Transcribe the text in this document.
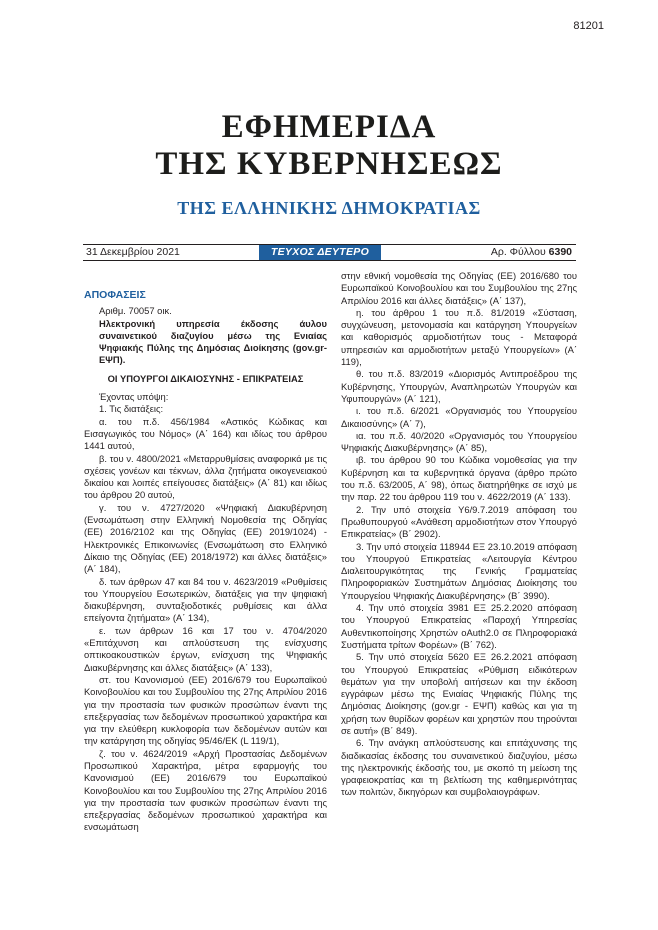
81201
ΕΦΗΜΕΡΙΔΑ
ΤΗΣ ΚΥΒΕΡΝΗΣΕΩΣ
ΤΗΣ ΕΛΛΗΝΙΚΗΣ ΔΗΜΟΚΡΑΤΙΑΣ
31 Δεκεμβρίου 2021	ΤΕΥΧΟΣ ΔΕΥΤΕΡΟ	Αρ. Φύλλου 6390

ΑΠΟΦΑΣΕΙΣ

Αριθμ. 70057 οικ.

Ηλεκτρονική υπηρεσία έκδοσης άυλου συναινετικού διαζυγίου μέσω της Ενιαίας Ψηφιακής Πύλης της Δημόσιας Διοίκησης (gov.gr- ΕΨΠ).

ΟΙ ΥΠΟΥΡΓΟΙ ΔΙΚΑΙΟΣΥΝΗΣ - ΕΠΙΚΡΑΤΕΙΑΣ

Έχοντας υπόψη:

1. Τις διατάξεις:

α. του π.δ. 456/1984 «Αστικός Κώδικας και Εισαγωγικός του Νόμος» (Α΄ 164) και ιδίως του άρθρου 1441 αυτού,

β. του ν. 4800/2021 «Μεταρρυθμίσεις αναφορικά με τις σχέσεις γονέων και τέκνων, άλλα ζητήματα οικογενειακού δικαίου και λοιπές επείγουσες διατάξεις» (Α΄ 81) και ιδίως του άρθρου 20 αυτού,

γ. του ν. 4727/2020 «Ψηφιακή Διακυβέρνηση (Ενσωμάτωση στην Ελληνική Νομοθεσία της Οδηγίας (ΕΕ) 2016/2102 και της Οδηγίας (ΕΕ) 2019/1024) - Ηλεκτρονικές Επικοινωνίες (Ενσωμάτωση στο Ελληνικό Δίκαιο της Οδηγίας (ΕΕ) 2018/1972) και άλλες διατάξεις» (Α΄ 184),

δ. των άρθρων 47 και 84 του ν. 4623/2019 «Ρυθμίσεις του Υπουργείου Εσωτερικών, διατάξεις για την ψηφιακή διακυβέρνηση, συνταξιοδοτικές ρυθμίσεις και άλλα επείγοντα ζητήματα» (Α΄ 134),

ε. των άρθρων 16 και 17 του ν. 4704/2020 «Επιτάχυνση και απλούστευση της ενίσχυσης οπτικοακουστικών έργων, ενίσχυση της Ψηφιακής Διακυβέρνησης και άλλες διατάξεις» (Α΄ 133),

στ. του Κανονισμού (ΕΕ) 2016/679 του Ευρωπαϊκού Κοινοβουλίου και του Συμβουλίου της 27ης Απριλίου 2016 για την προστασία των φυσικών προσώπων έναντι της επεξεργασίας των δεδομένων προσωπικού χαρακτήρα και για την ελεύθερη κυκλοφορία των δεδομένων αυτών και την κατάργηση της οδηγίας 95/46/ΕΚ (L 119/1),

ζ. του ν. 4624/2019 «Αρχή Προστασίας Δεδομένων Προσωπικού Χαρακτήρα, μέτρα εφαρμογής του Κανονισμού (ΕΕ) 2016/679 του Ευρωπαϊκού Κοινοβουλίου και του Συμβουλίου της 27ης Απριλίου 2016 για την προστασία των φυσικών προσώπων έναντι της επεξεργασίας δεδομένων προσωπικού χαρακτήρα και ενσωμάτωση

στην εθνική νομοθεσία της Οδηγίας (ΕΕ) 2016/680 του Ευρωπαϊκού Κοινοβουλίου και του Συμβουλίου της 27ης Απριλίου 2016 και άλλες διατάξεις» (Α΄ 137),

η. του άρθρου 1 του π.δ. 81/2019 «Σύσταση, συγχώνευση, μετονομασία και κατάργηση Υπουργείων και καθορισμός αρμοδιοτήτων τους - Μεταφορά υπηρεσιών και αρμοδιοτήτων μεταξύ Υπουργείων» (Α΄ 119),

θ. του π.δ. 83/2019 «Διορισμός Αντιπροέδρου της Κυβέρνησης, Υπουργών, Αναπληρωτών Υπουργών και Υφυπουργών» (Α΄ 121),

ι. του π.δ. 6/2021 «Οργανισμός του Υπουργείου Δικαιοσύνης» (Α΄ 7),

ια. του π.δ. 40/2020 «Οργανισμός του Υπουργείου Ψηφιακής Διακυβέρνησης» (Α΄ 85),

ιβ. του άρθρου 90 του Κώδικα νομοθεσίας για την Κυβέρνηση και τα κυβερνητικά όργανα (άρθρο πρώτο του π.δ. 63/2005, Α΄ 98), όπως διατηρήθηκε σε ισχύ με την παρ. 22 του άρθρου 119 του ν. 4622/2019 (Α΄ 133).

2. Την υπό στοιχεία Υ6/9.7.2019 απόφαση του Πρωθυπουργού «Ανάθεση αρμοδιοτήτων στον Υπουργό Επικρατείας» (Β΄ 2902).

3. Την υπό στοιχεία 118944 ΕΞ 23.10.2019 απόφαση του Υπουργού Επικρατείας «Λειτουργία Κέντρου Διαλειτουργικότητας της Γενικής Γραμματείας Πληροφοριακών Συστημάτων Δημόσιας Διοίκησης του Υπουργείου Ψηφιακής Διακυβέρνησης» (Β΄ 3990).

4. Την υπό στοιχεία 3981 ΕΞ 25.2.2020 απόφαση του Υπουργού Επικρατείας «Παροχή Υπηρεσίας Αυθεντικοποίησης Χρηστών οAuth2.0 σε Πληροφοριακά Συστήματα τρίτων Φορέων» (Β΄ 762).

5. Την υπό στοιχεία 5620 ΕΞ 26.2.2021 απόφαση του Υπουργού Επικρατείας «Ρύθμιση ειδικότερων θεμάτων για την υποβολή αιτήσεων και την έκδοση εγγράφων μέσω της Ενιαίας Ψηφιακής Πύλης της Δημόσιας Διοίκησης (gov.gr - ΕΨΠ) καθώς και για τη χρήση των θυρίδων φορέων και χρηστών που τηρούνται σε αυτή» (Β΄ 849).

6. Την ανάγκη απλούστευσης και επιτάχυνσης της διαδικασίας έκδοσης του συναινετικού διαζυγίου, μέσω της ηλεκτρονικής έκδοσής του, με σκοπό τη μείωση της γραφειοκρατίας και τη βελτίωση της καθημερινότητας των πολιτών, δικηγόρων και συμβολαιογράφων.
